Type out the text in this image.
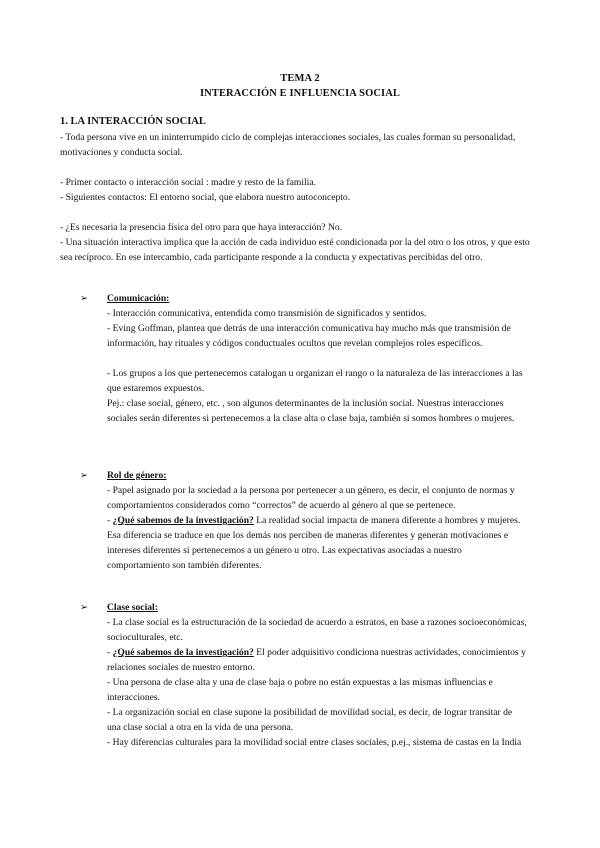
TEMA 2
INTERACCIÓN E INFLUENCIA SOCIAL
1. LA INTERACCIÓN SOCIAL

- Toda persona vive en un ininterrumpido ciclo de complejas interacciones sociales, las cuales forman su personalidad, motivaciones y conducta social.

- Primer contacto o interacción social : madre y resto de la familia.

- Siguientes contactos: El entorno social, que elabora nuestro autoconcepto.

- ¿Es necesaria la presencia física del otro para que haya interacción? No.

- Una situación interactiva implica que la acción de cada individuo esté condicionada por la del otro o los otros, y que esto sea recíproco. En ese intercambio, cada participante responde a la conducta y expectativas percibidas del otro.

➢ Comunicación:

- Interacción comunicativa, entendida como transmisión de significados y sentidos.

- Eving Goffman, plantea que detrás de una interacción comunicativa hay mucho más que transmisión de información, hay rituales y códigos conductuales ocultos que revelan complejos roles específicos.

- Los grupos a los que pertenecemos catalogan u organizan el rango o la naturaleza de las interacciones a las que estaremos expuestos.

Pej.: clase social, género, etc. , son algunos determinantes de la inclusión social. Nuestras interacciones sociales serán diferentes si pertenecemos a la clase alta o clase baja, también si somos hombres o mujeres.

➢ Rol de género:

- Papel asignado por la sociedad a la persona por pertenecer a un género, es decir, el conjunto de normas y comportamientos considerados como “correctos” de acuerdo al género al que se pertenece.

- ¿Qué sabemos de la investigación? La realidad social impacta de manera diferente a hombres y mujeres. Esa diferencia se traduce en que los demás nos perciben de maneras diferentes y generan motivaciones e intereses diferentes si pertenecemos a un género u otro. Las expectativas asociadas a nuestro comportamiento son también diferentes.

➢ Clase social:

- La clase social es la estructuración de la sociedad de acuerdo a estratos, en base a razones socioeconómicas, socioculturales, etc.

- ¿Qué sabemos de la investigación? El poder adquisitivo condiciona nuestras actividades, conocimientos y relaciones sociales de nuestro entorno.

- Una persona de clase alta y una de clase baja o pobre no están expuestas a las mismas influencias e interacciones.

- La organización social en clase supone la posibilidad de movilidad social, es decir, de lograr transitar de una clase social a otra en la vida de una persona.

- Hay diferencias culturales para la movilidad social entre clases sociales, p.ej., sistema de castas en la India
